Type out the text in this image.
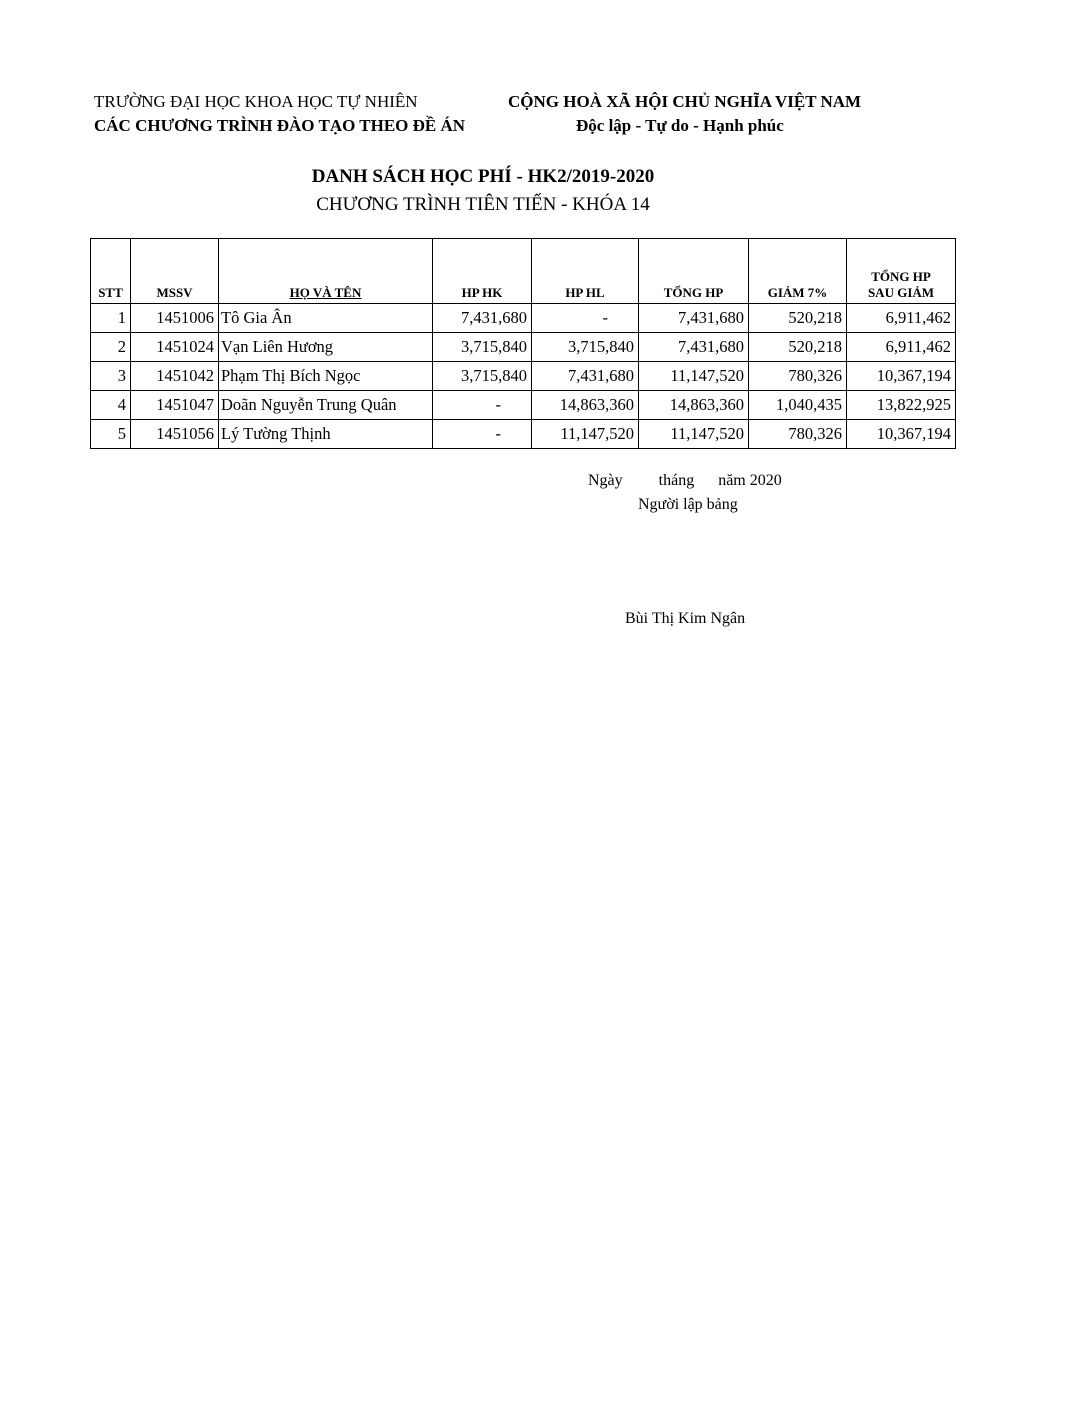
TRƯỜNG ĐẠI HỌC KHOA HỌC TỰ NHIÊN
CÁC CHƯƠNG TRÌNH ĐÀO TẠO THEO ĐỀ ÁN
CỘNG HOÀ XÃ HỘI CHỦ NGHĨA VIỆT NAM
Độc lập - Tự do - Hạnh phúc
DANH SÁCH HỌC PHÍ - HK2/2019-2020
CHƯƠNG TRÌNH TIÊN TIẾN - KHÓA 14
STT	MSSV	HỌ VÀ TÊN	HP HK	HP HL	TỔNG HP	GIẢM 7%	TỔNG HP
SAU GIẢM

1	1451006	Tô Gia Ân	7,431,680	-	7,431,680	520,218	6,911,462
2	1451024	Vạn Liên Hương	3,715,840	3,715,840	7,431,680	520,218	6,911,462
3	1451042	Phạm Thị Bích Ngọc	3,715,840	7,431,680	11,147,520	780,326	10,367,194
4	1451047	Doãn Nguyễn Trung Quân	-	14,863,360	14,863,360	1,040,435	13,822,925
5	1451056	Lý Tường Thịnh	-	11,147,520	11,147,520	780,326	10,367,194
Ngày tháng năm 2020
Người lập bảng
Bùi Thị Kim Ngân
